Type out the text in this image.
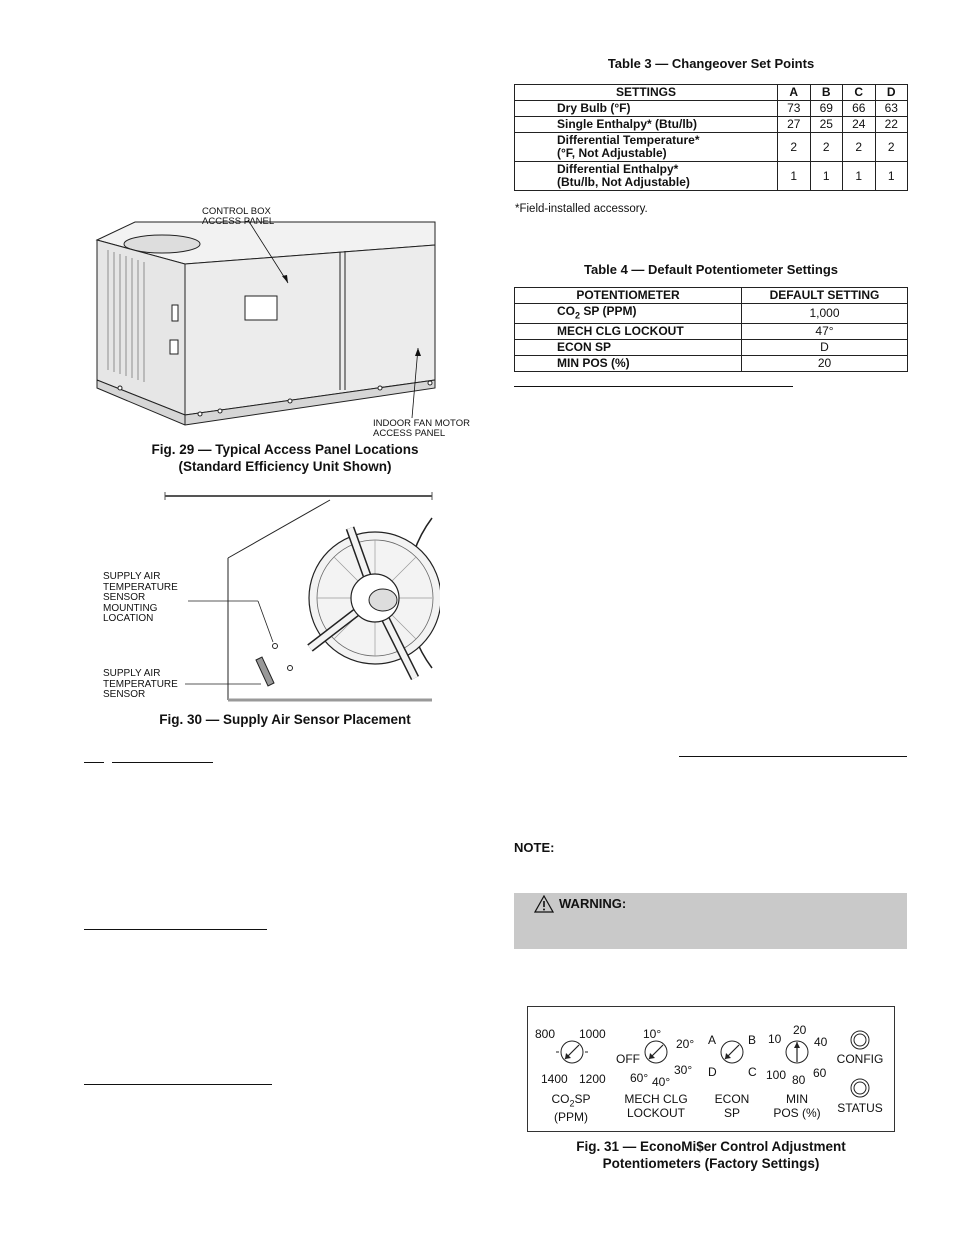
CONTROL BOX
ACCESS PANEL
INDOOR FAN MOTOR
ACCESS PANEL
Fig. 29 — Typical Access Panel Locations
(Standard Efficiency Unit Shown)
SUPPLY AIR
TEMPERATURE
SENSOR
MOUNTING
LOCATION
SUPPLY AIR
TEMPERATURE
SENSOR
Fig. 30 — Supply Air Sensor Placement
Table 3 — Changeover Set Points
SETTINGS	A	B	C	D
Dry Bulb (°F)	73	69	66	63
Single Enthalpy* (Btu/lb)	27	25	24	22

Differential Temperature*
(°F, Not Adjustable)	2	2	2	2

Differential Enthalpy*
(Btu/lb, Not Adjustable)	1	1	1	1
*Field-installed accessory.
Table 4 — Default Potentiometer Settings
POTENTIOMETER	DEFAULT SETTING
$CO_2$ SP (PPM)	1,000
MECH CLG LOCKOUT	47°
ECON SP	D
MIN POS (%)	20
NOTE:
WARNING:
800 1000
1400 1200
$CO_2SP$
(PPM)
10°
20°
OFF
30°
60° 40°
MECH CLG
LOCKOUT
A	B
D	C
ECON
SP
20
10	40
100 60
80
MIN
POS (%)
CONFIG
STATUS
Fig. 31 — EconoMi$er Control Adjustment
Potentiometers (Factory Settings)
